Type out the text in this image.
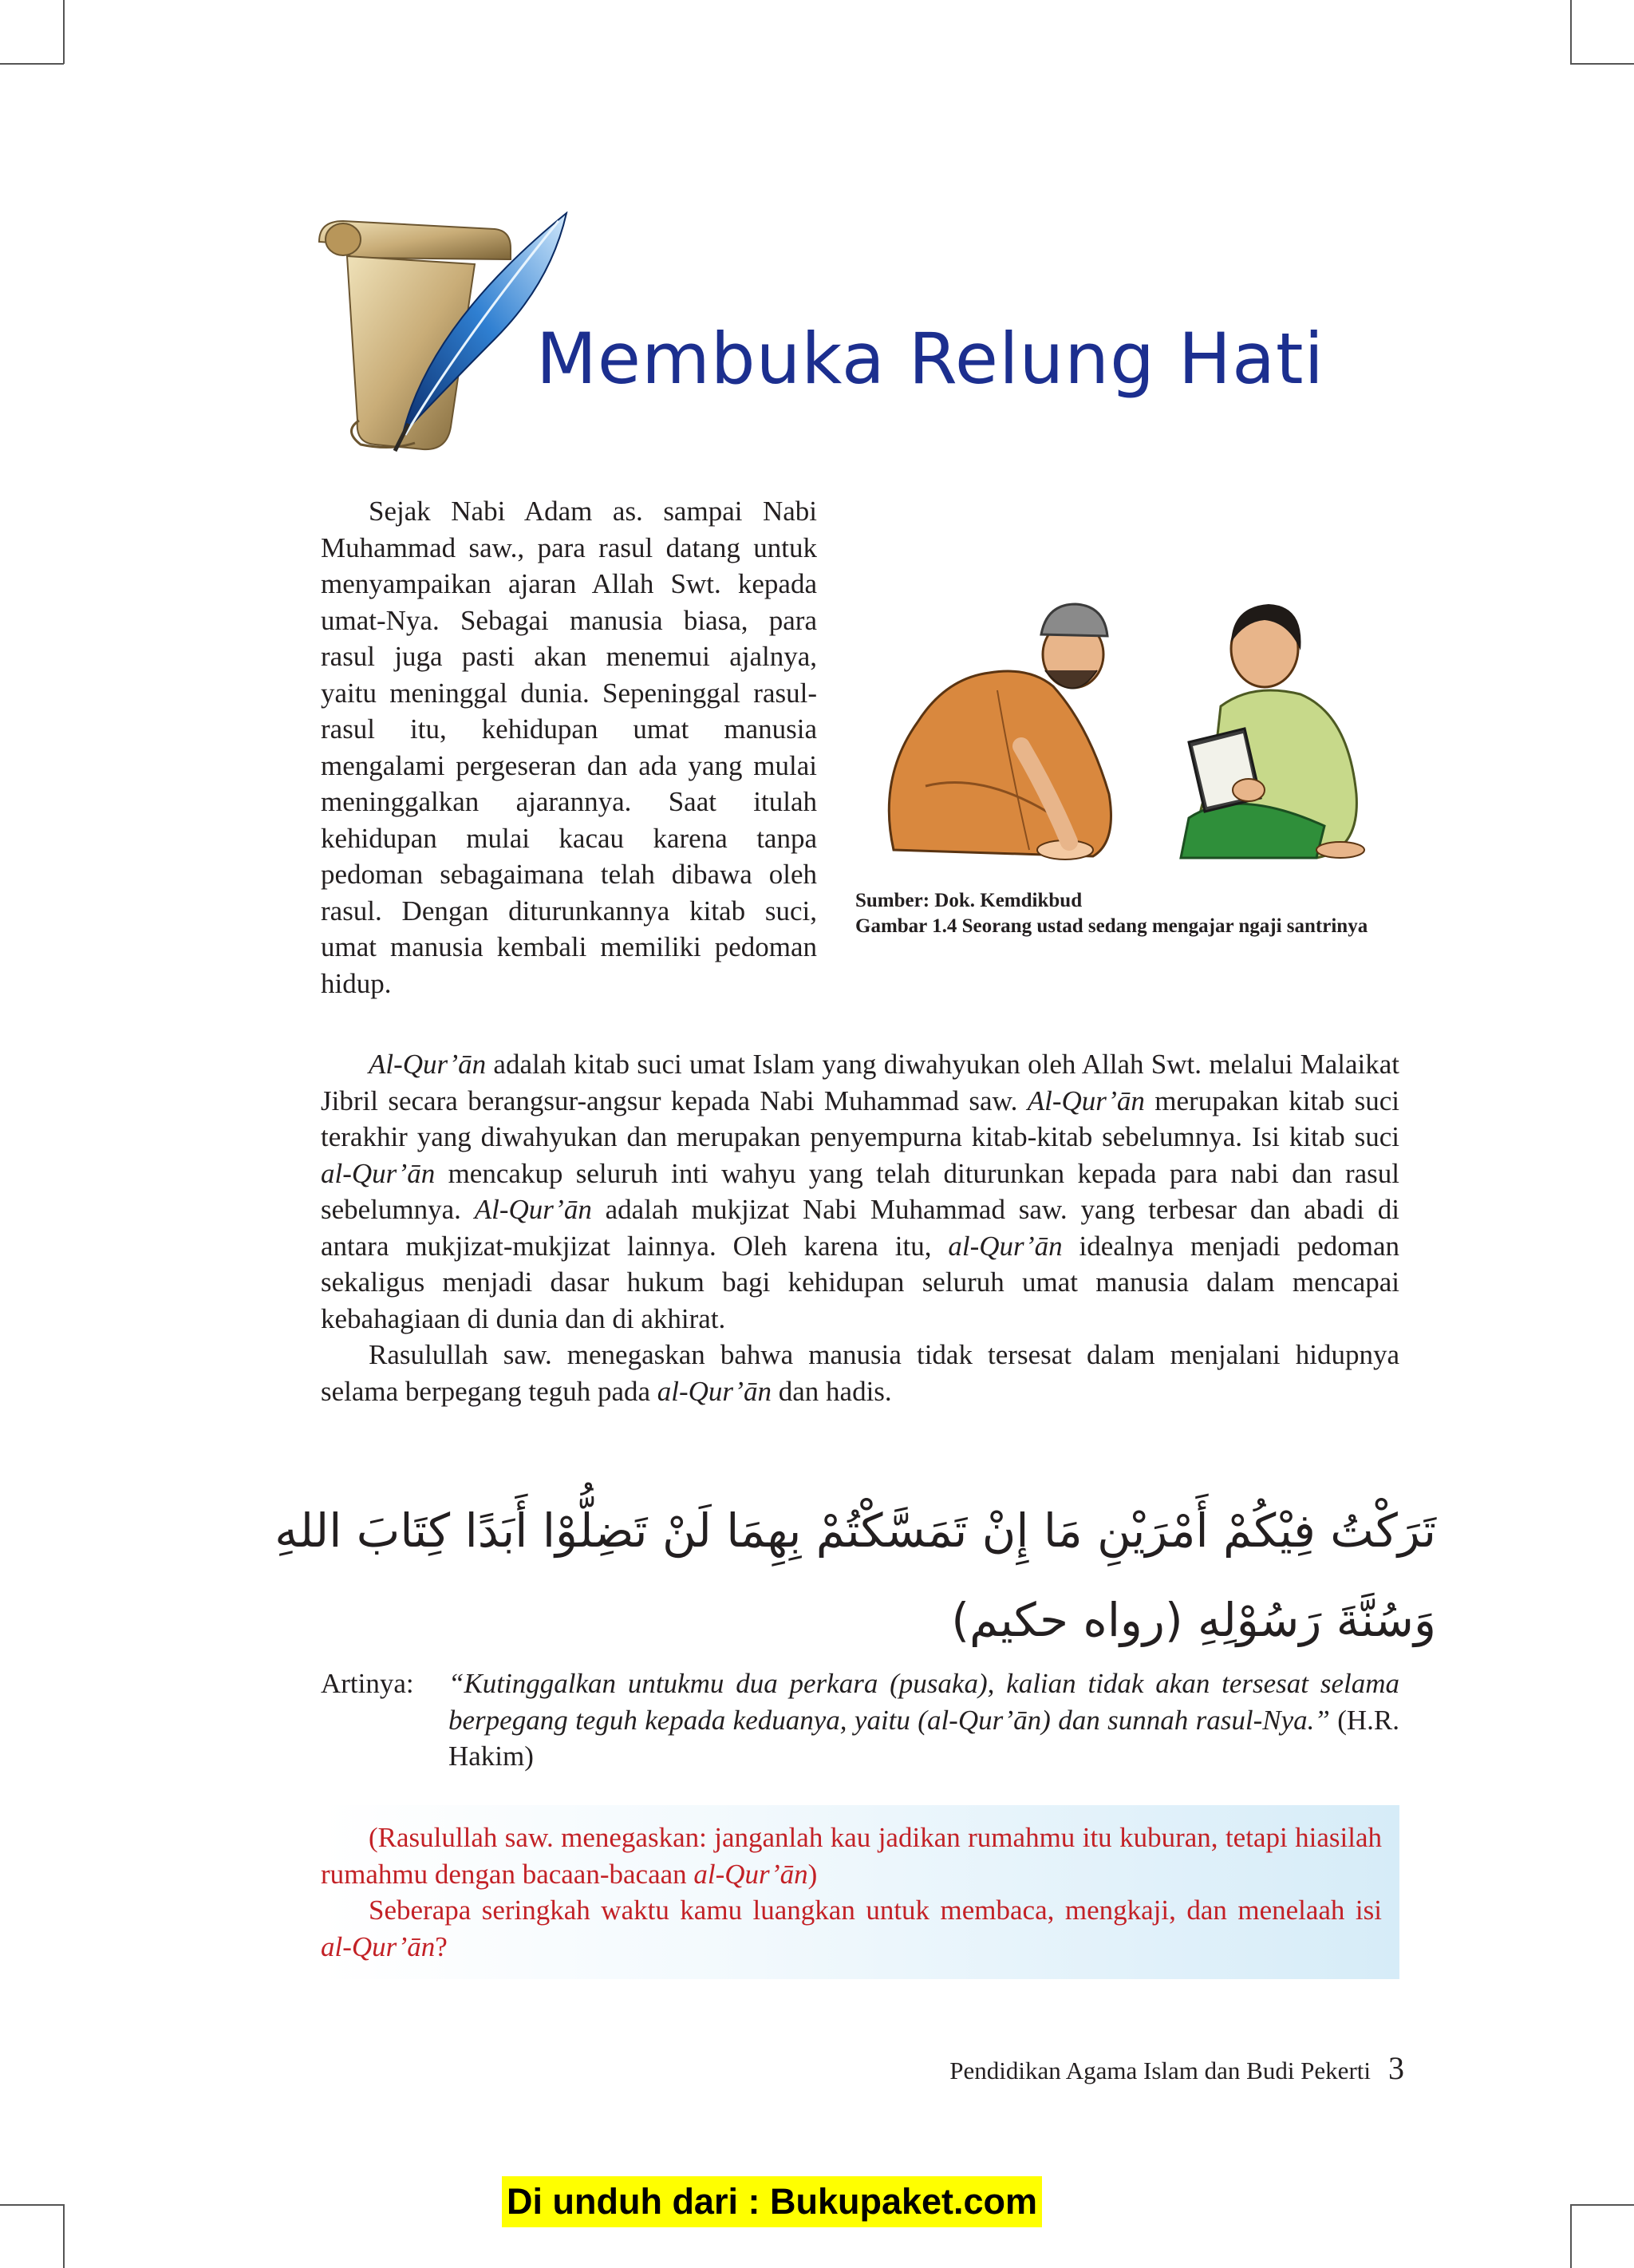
Membuka Relung Hati

Sejak Nabi Adam as. sampai Nabi Muhammad saw., para rasul datang untuk menyampaikan ajaran Allah Swt. kepada umat-Nya. Sebagai manusia biasa, para rasul juga pasti akan menemui ajalnya, yaitu meninggal dunia. Sepeninggal rasul-rasul itu, kehidupan umat manusia mengalami pergeseran dan ada yang mulai meninggalkan ajarannya. Saat itulah kehidupan mulai kacau karena tanpa pedoman sebagaimana telah dibawa oleh rasul. Dengan diturunkannya kitab suci, umat manusia kembali memiliki pedoman hidup.

Sumber: Dok. Kemdikbud
Gambar 1.4 Seorang ustad sedang mengajar ngaji santrinya

Al-Qur’ān adalah kitab suci umat Islam yang diwahyukan oleh Allah Swt. melalui Malaikat Jibril secara berangsur-angsur kepada Nabi Muhammad saw. Al-Qur’ān merupakan kitab suci terakhir yang diwahyukan dan merupakan penyempurna kitab-kitab sebelumnya. Isi kitab suci al-Qur’ān mencakup seluruh inti wahyu yang telah diturunkan kepada para nabi dan rasul sebelumnya. Al-Qur’ān adalah mukjizat Nabi Muhammad saw. yang terbesar dan abadi di antara mukjizat-mukjizat lainnya. Oleh karena itu, al-Qur’ān idealnya menjadi pedoman sekaligus menjadi dasar hukum bagi kehidupan seluruh umat manusia dalam mencapai kebahagiaan di dunia dan di akhirat.

Rasulullah saw. menegaskan bahwa manusia tidak tersesat dalam menjalani hidupnya selama berpegang teguh pada al-Qur’ān dan hadis.

تَرَكْتُ فِيْكُمْ أَمْرَيْنِ مَا إِنْ تَمَسَّكْتُمْ بِهِمَا لَنْ تَضِلُّوْا أَبَدًا كِتَابَ اللهِ
وَسُنَّةَ رَسُوْلِهِ (رواه حكيم)
Artinya:	“Kutinggalkan untukmu dua perkara (pusaka), kalian tidak akan tersesat selama berpegang teguh kepada keduanya, yaitu (al-Qur’ān) dan sunnah rasul-Nya.” (H.R. Hakim)

(Rasulullah saw. menegaskan: janganlah kau jadikan rumahmu itu kuburan, tetapi hiasilah rumahmu dengan bacaan-bacaan al-Qur’ān)

Seberapa seringkah waktu kamu luangkan untuk membaca, mengkaji, dan menelaah isi al-Qur’ān?

Pendidikan Agama Islam dan Budi Pekerti 3
Di unduh dari : Bukupaket.com
